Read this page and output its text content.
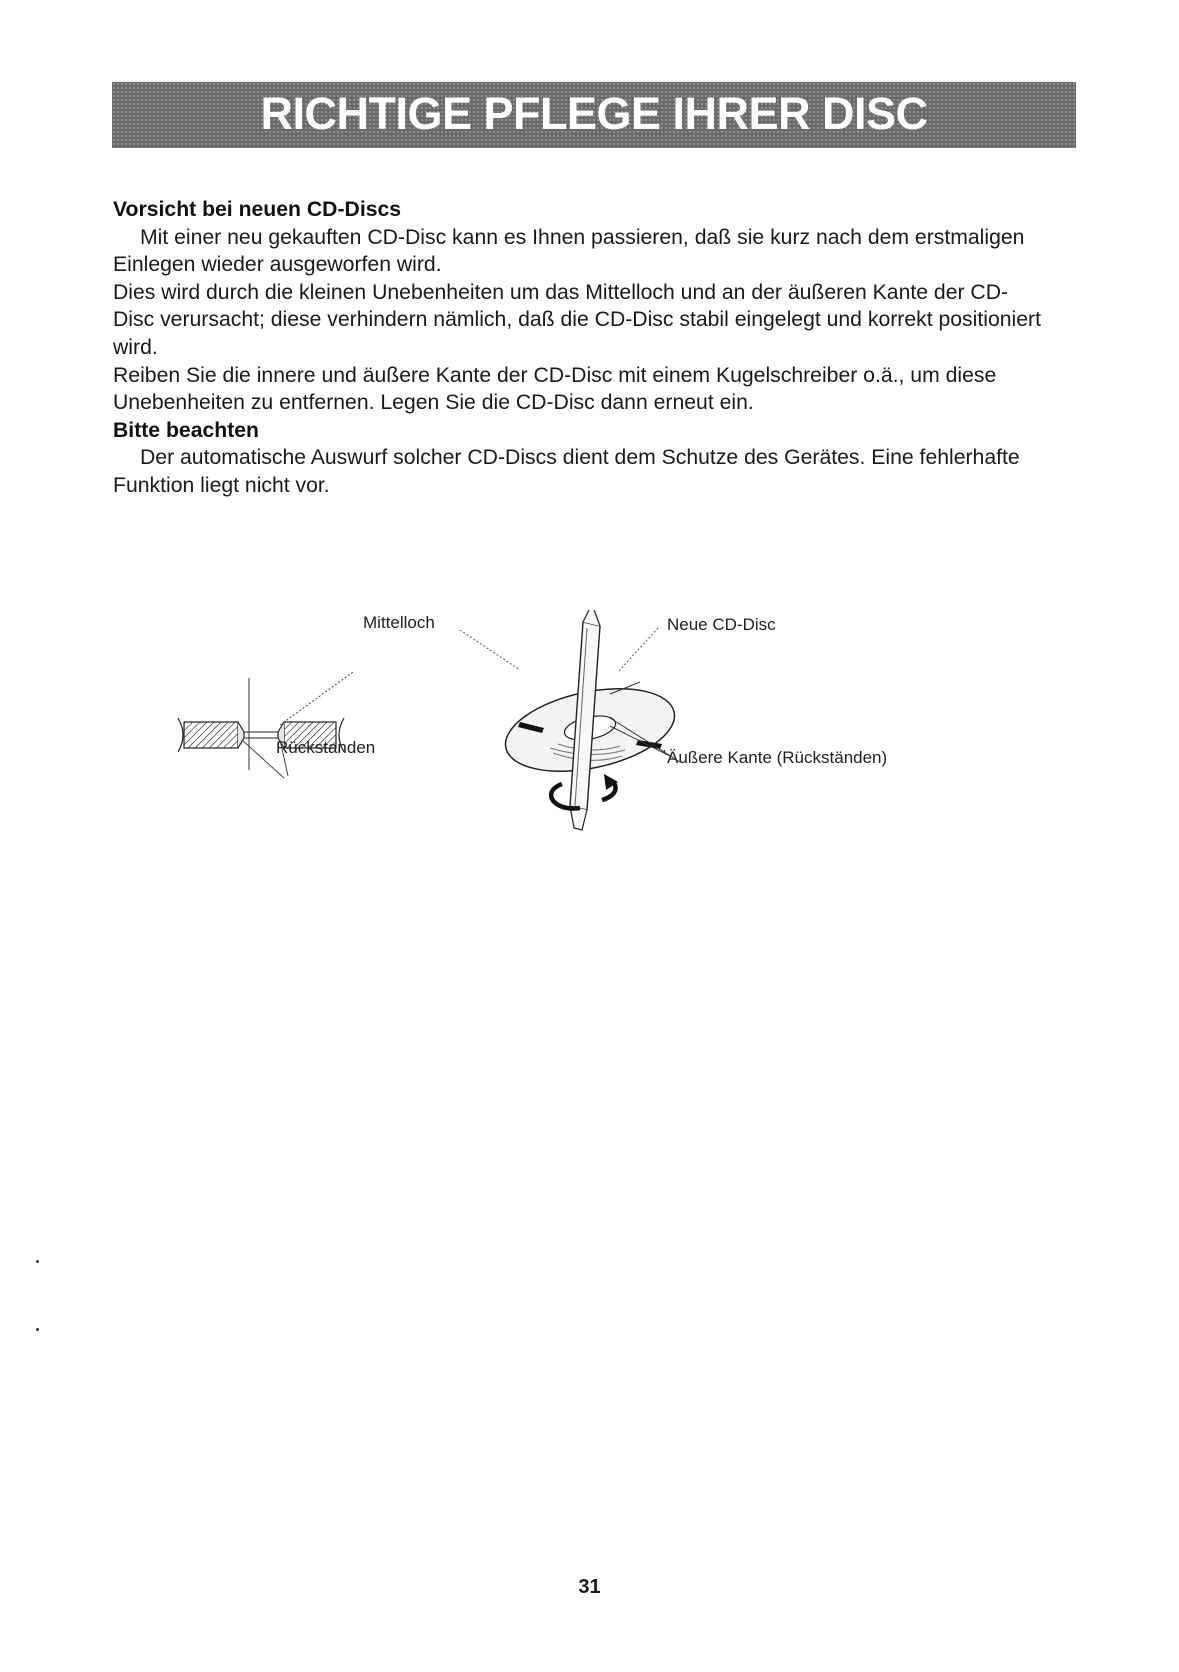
RICHTIGE PFLEGE IHRER DISC

Vorsicht bei neuen CD-Discs

Mit einer neu gekauften CD-Disc kann es Ihnen passieren, daß sie kurz nach dem erstmaligen Einlegen wieder ausgeworfen wird.

Dies wird durch die kleinen Unebenheiten um das Mittelloch und an der äußeren Kante der CD-Disc verursacht; diese verhindern nämlich, daß die CD-Disc stabil eingelegt und korrekt positioniert wird.

Reiben Sie die innere und äußere Kante der CD-Disc mit einem Kugelschreiber o.ä., um diese Unebenheiten zu entfernen. Legen Sie die CD-Disc dann erneut ein.

Bitte beachten

Der automatische Auswurf solcher CD-Discs dient dem Schutze des Gerätes. Eine fehlerhafte Funktion liegt nicht vor.

Mittelloch
Rückstanden
Neue CD-Disc
Äußere Kante (Rückständen)
31
